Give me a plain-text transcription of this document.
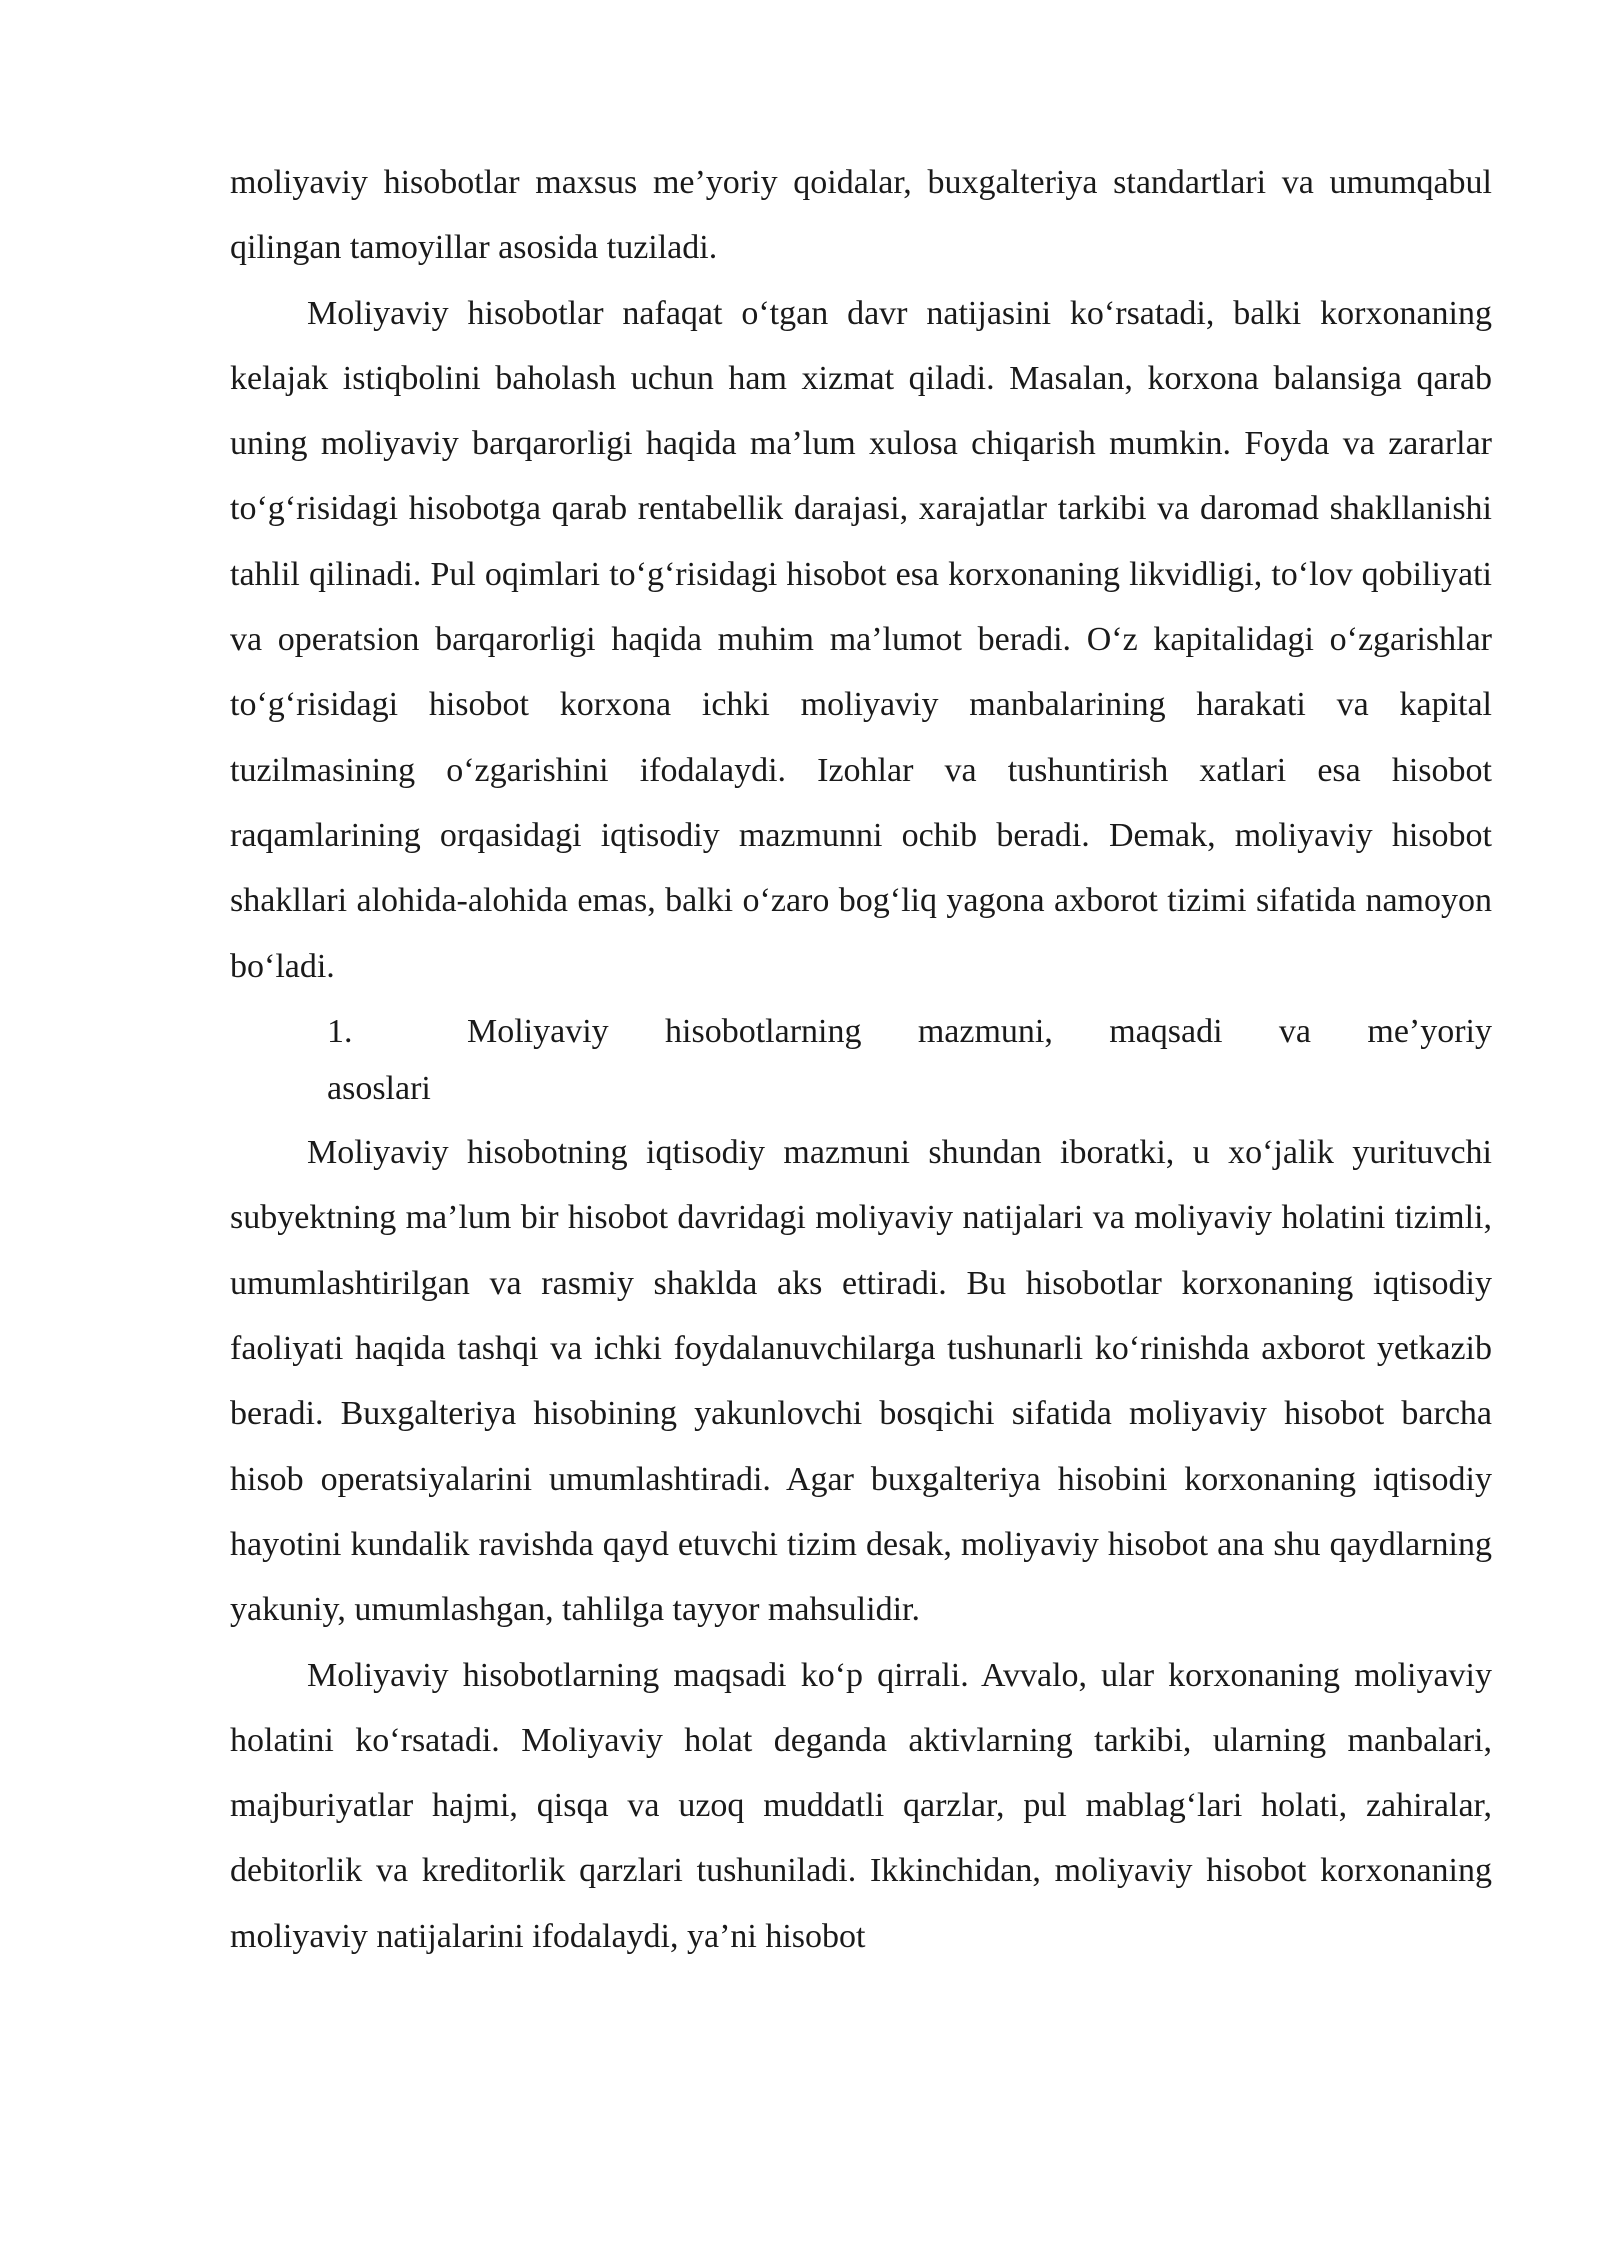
moliyaviy hisobotlar maxsus me’yoriy qoidalar, buxgalteriya standartlari va umumqabul qilingan tamoyillar asosida tuziladi.

Moliyaviy hisobotlar nafaqat o‘tgan davr natijasini ko‘rsatadi, balki korxonaning kelajak istiqbolini baholash uchun ham xizmat qiladi. Masalan, korxona balansiga qarab uning moliyaviy barqarorligi haqida ma’lum xulosa chiqarish mumkin. Foyda va zararlar to‘g‘risidagi hisobotga qarab rentabellik darajasi, xarajatlar tarkibi va daromad shakllanishi tahlil qilinadi. Pul oqimlari to‘g‘risidagi hisobot esa korxonaning likvidligi, to‘lov qobiliyati va operatsion barqarorligi haqida muhim ma’lumot beradi. O‘z kapitalidagi o‘zgarishlar to‘g‘risidagi hisobot korxona ichki moliyaviy manbalarining harakati va kapital tuzilmasining o‘zgarishini ifodalaydi. Izohlar va tushuntirish xatlari esa hisobot raqamlarining orqasidagi iqtisodiy mazmunni ochib beradi. Demak, moliyaviy hisobot shakllari alohida-alohida emas, balki o‘zaro bog‘liq yagona axborot tizimi sifatida namoyon bo‘ladi.

1.	Moliyaviy hisobotlarning mazmuni, maqsadi va me’yoriy

asoslari

Moliyaviy hisobotning iqtisodiy mazmuni shundan iboratki, u xo‘jalik yurituvchi subyektning ma’lum bir hisobot davridagi moliyaviy natijalari va moliyaviy holatini tizimli, umumlashtirilgan va rasmiy shaklda aks ettiradi. Bu hisobotlar korxonaning iqtisodiy faoliyati haqida tashqi va ichki foydalanuvchilarga tushunarli ko‘rinishda axborot yetkazib beradi. Buxgalteriya hisobining yakunlovchi bosqichi sifatida moliyaviy hisobot barcha hisob operatsiyalarini umumlashtiradi. Agar buxgalteriya hisobini korxonaning iqtisodiy hayotini kundalik ravishda qayd etuvchi tizim desak, moliyaviy hisobot ana shu qaydlarning yakuniy, umumlashgan, tahlilga tayyor mahsulidir.

Moliyaviy hisobotlarning maqsadi ko‘p qirrali. Avvalo, ular korxonaning moliyaviy holatini ko‘rsatadi. Moliyaviy holat deganda aktivlarning tarkibi, ularning manbalari, majburiyatlar hajmi, qisqa va uzoq muddatli qarzlar, pul mablag‘lari holati, zahiralar, debitorlik va kreditorlik qarzlari tushuniladi. Ikkinchidan, moliyaviy hisobot korxonaning moliyaviy natijalarini ifodalaydi, ya’ni hisobot
